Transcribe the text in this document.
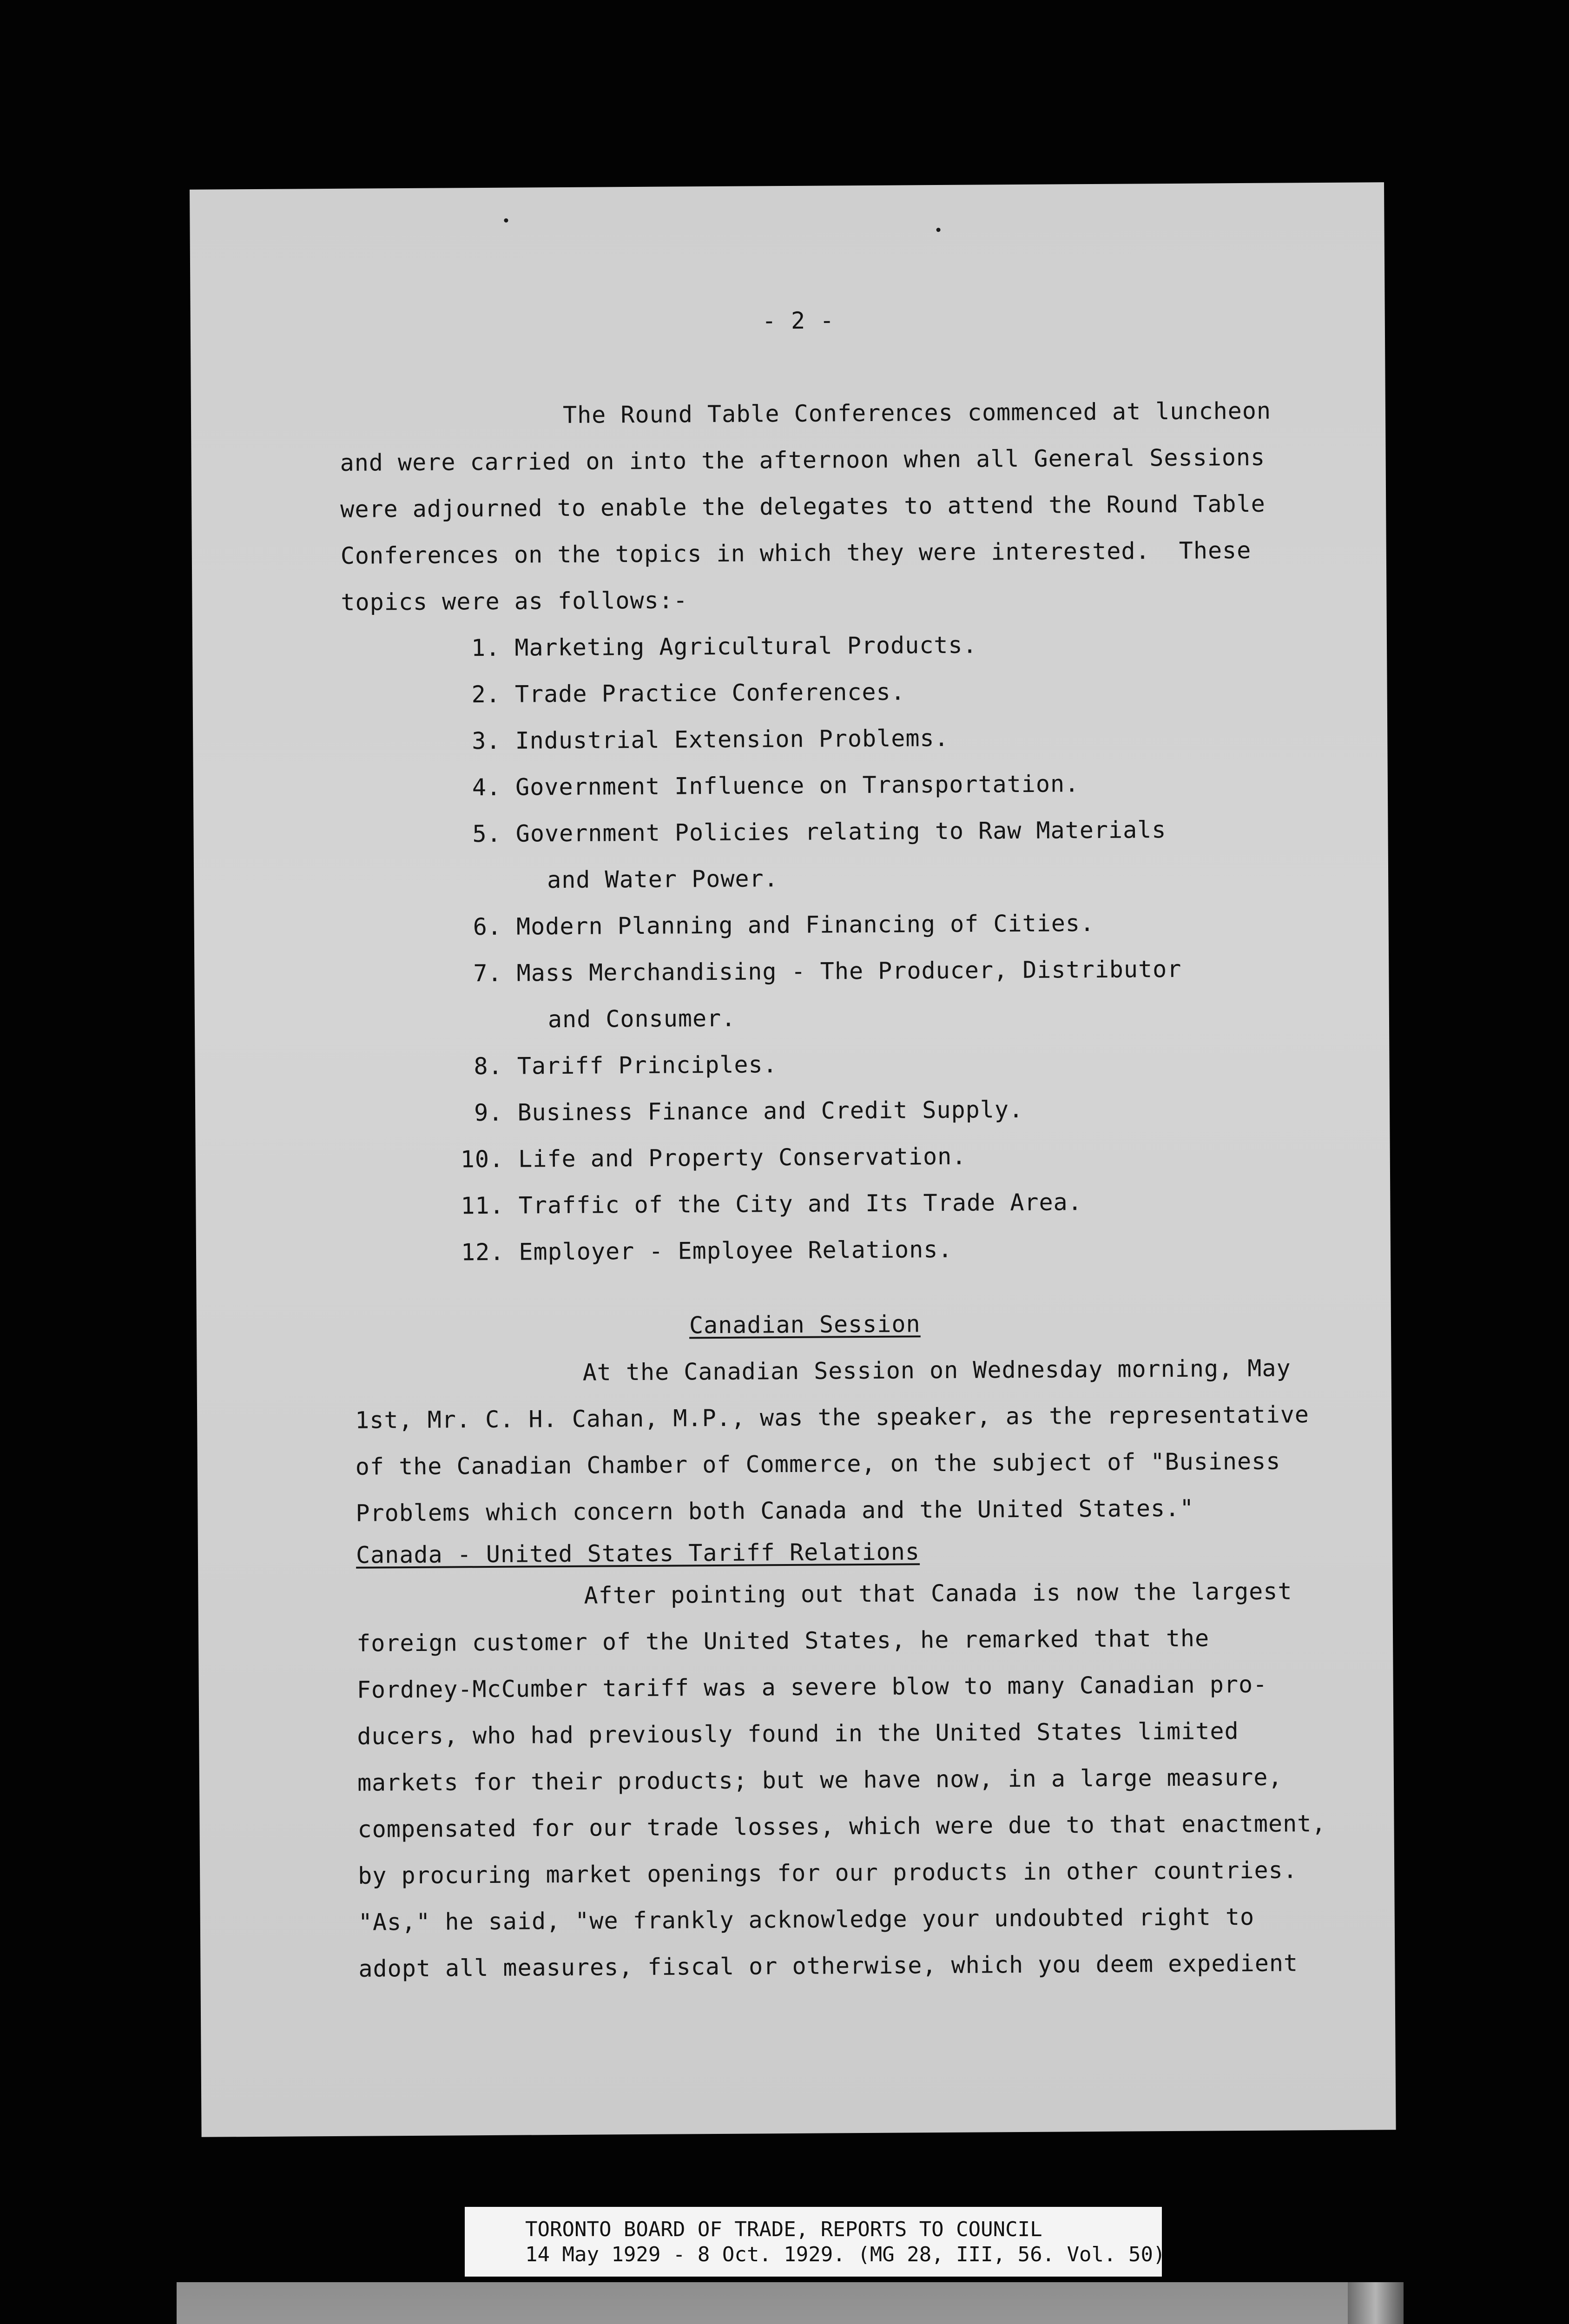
- 2 -
The Round Table Conferences commenced at luncheon
and were carried on into the afternoon when all General Sessions
were adjourned to enable the delegates to attend the Round Table
Conferences on the topics in which they were interested.  These
topics were as follows:-
1. Marketing Agricultural Products.
2. Trade Practice Conferences.
3. Industrial Extension Problems.
4. Government Influence on Transportation.
5. Government Policies relating to Raw Materials
and Water Power.
6. Modern Planning and Financing of Cities.
7. Mass Merchandising - The Producer, Distributor
and Consumer.
8. Tariff Principles.
9. Business Finance and Credit Supply.
10. Life and Property Conservation.
11. Traffic of the City and Its Trade Area.
12. Employer - Employee Relations.
Canadian Session
At the Canadian Session on Wednesday morning, May
1st, Mr. C. H. Cahan, M.P., was the speaker, as the representative
of the Canadian Chamber of Commerce, on the subject of "Business
Problems which concern both Canada and the United States."
Canada - United States Tariff Relations
After pointing out that Canada is now the largest
foreign customer of the United States, he remarked that the
Fordney-McCumber tariff was a severe blow to many Canadian pro-
ducers, who had previously found in the United States limited
markets for their products; but we have now, in a large measure,
compensated for our trade losses, which were due to that enactment,
by procuring market openings for our products in other countries.
"As," he said, "we frankly acknowledge your undoubted right to
adopt all measures, fiscal or otherwise, which you deem expedient
TORONTO BOARD OF TRADE, REPORTS TO COUNCIL
14 May 1929 - 8 Oct. 1929. (MG 28, III, 56. Vol. 50)
